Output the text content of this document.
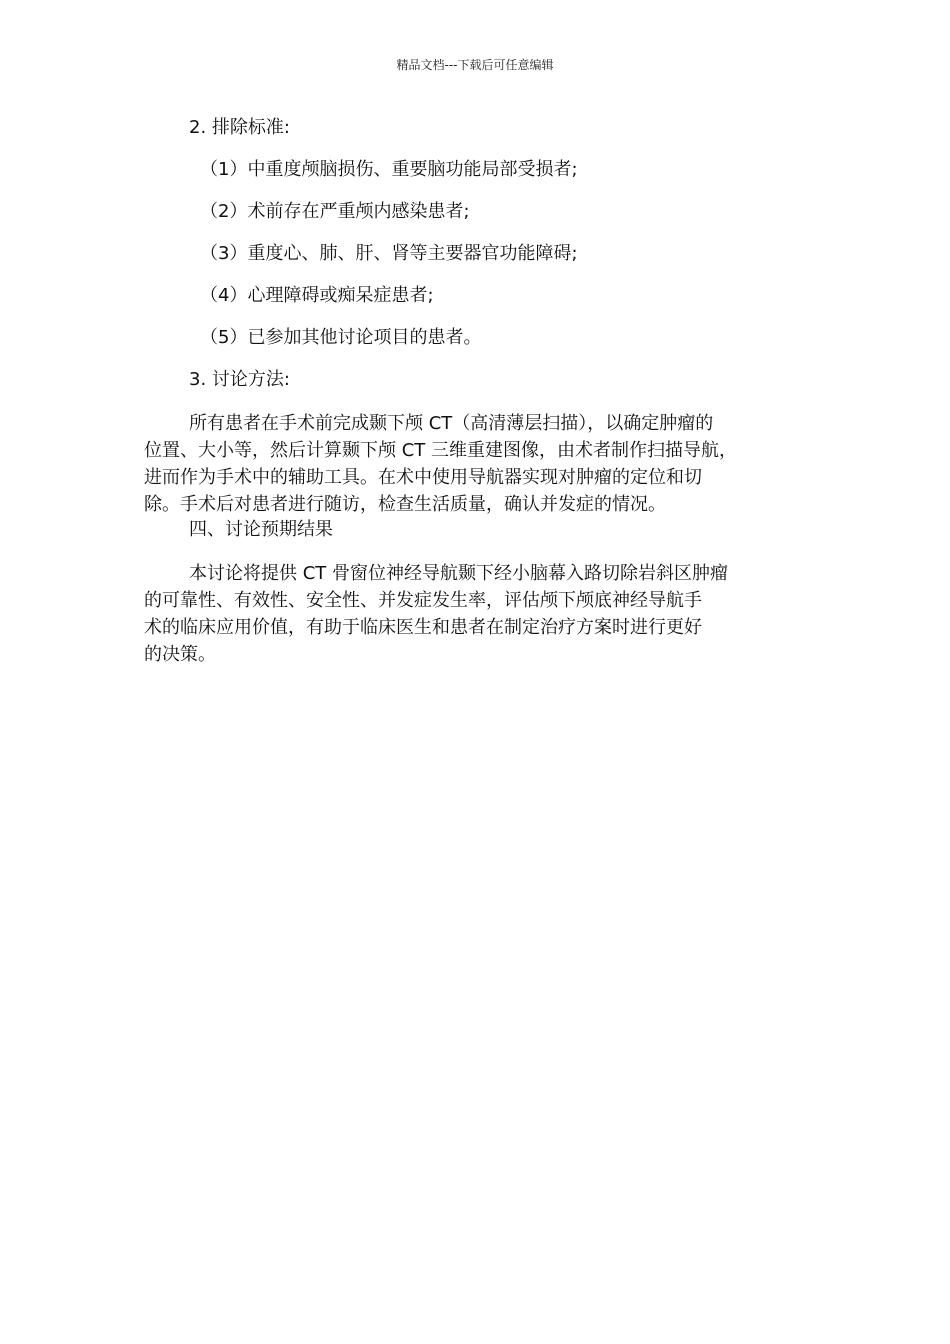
精品文档---下载后可任意编辑
2. 排除标准:
（1）中重度颅脑损伤、重要脑功能局部受损者;
（2）术前存在严重颅内感染患者;
（3）重度心、肺、肝、肾等主要器官功能障碍;
（4）心理障碍或痴呆症患者;
（5）已参加其他讨论项目的患者。
3. 讨论方法:
所有患者在手术前完成颞下颅 CT（高清薄层扫描），以确定肿瘤的
位置、大小等，然后计算颞下颅 CT 三维重建图像，由术者制作扫描导航，
进而作为手术中的辅助工具。在术中使用导航器实现对肿瘤的定位和切
除。手术后对患者进行随访，检查生活质量，确认并发症的情况。
四、讨论预期结果
本讨论将提供 CT 骨窗位神经导航颞下经小脑幕入路切除岩斜区肿瘤
的可靠性、有效性、安全性、并发症发生率，评估颅下颅底神经导航手
术的临床应用价值，有助于临床医生和患者在制定治疗方案时进行更好
的决策。
